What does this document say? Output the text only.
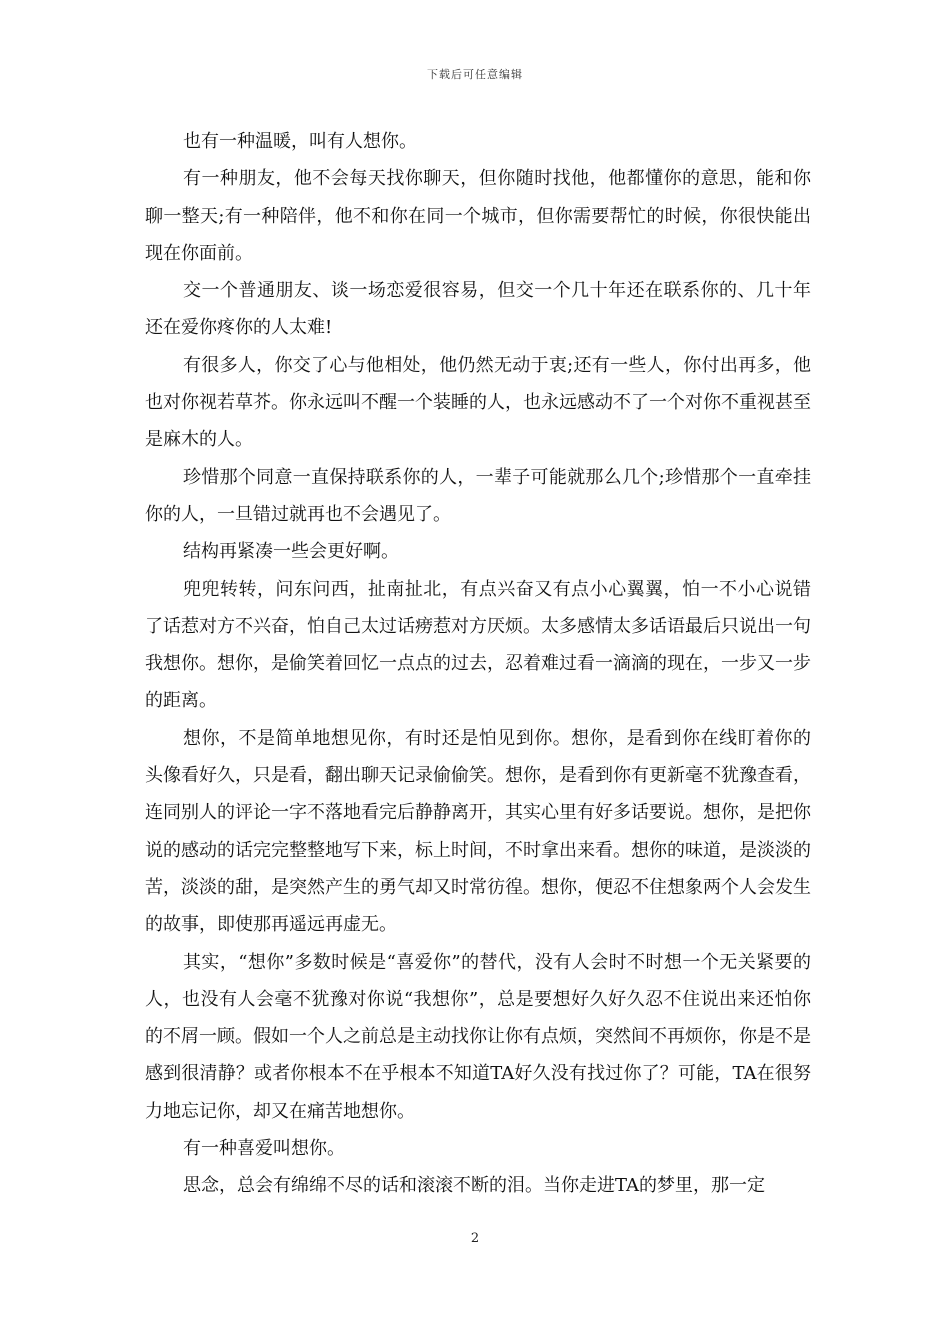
下载后可任意编辑

也有一种温暖，叫有人想你。

有一种朋友，他不会每天找你聊天，但你随时找他，他都懂你的意思，能和你聊一整天;有一种陪伴，他不和你在同一个城市，但你需要帮忙的时候，你很快能出现在你面前。

交一个普通朋友、谈一场恋爱很容易，但交一个几十年还在联系你的、几十年还在爱你疼你的人太难!

有很多人，你交了心与他相处，他仍然无动于衷;还有一些人，你付出再多，他也对你视若草芥。你永远叫不醒一个装睡的人，也永远感动不了一个对你不重视甚至是麻木的人。

珍惜那个同意一直保持联系你的人，一辈子可能就那么几个;珍惜那个一直牵挂你的人，一旦错过就再也不会遇见了。

结构再紧凑一些会更好啊。

兜兜转转，问东问西，扯南扯北，有点兴奋又有点小心翼翼，怕一不小心说错了话惹对方不兴奋，怕自己太过话痨惹对方厌烦。太多感情太多话语最后只说出一句我想你。想你，是偷笑着回忆一点点的过去，忍着难过看一滴滴的现在，一步又一步的距离。

想你，不是简单地想见你，有时还是怕见到你。想你，是看到你在线盯着你的头像看好久，只是看，翻出聊天记录偷偷笑。想你，是看到你有更新毫不犹豫查看，连同别人的评论一字不落地看完后静静离开，其实心里有好多话要说。想你，是把你说的感动的话完完整整地写下来，标上时间，不时拿出来看。想你的味道，是淡淡的苦，淡淡的甜，是突然产生的勇气却又时常彷徨。想你，便忍不住想象两个人会发生的故事，即使那再遥远再虚无。

其实，“想你”多数时候是“喜爱你”的替代，没有人会时不时想一个无关紧要的人，也没有人会毫不犹豫对你说“我想你”，总是要想好久好久忍不住说出来还怕你的不屑一顾。假如一个人之前总是主动找你让你有点烦，突然间不再烦你，你是不是感到很清静？或者你根本不在乎根本不知道TA好久没有找过你了？可能，TA在很努力地忘记你，却又在痛苦地想你。

有一种喜爱叫想你。

思念，总会有绵绵不尽的话和滚滚不断的泪。当你走进TA的梦里，那一定

2
